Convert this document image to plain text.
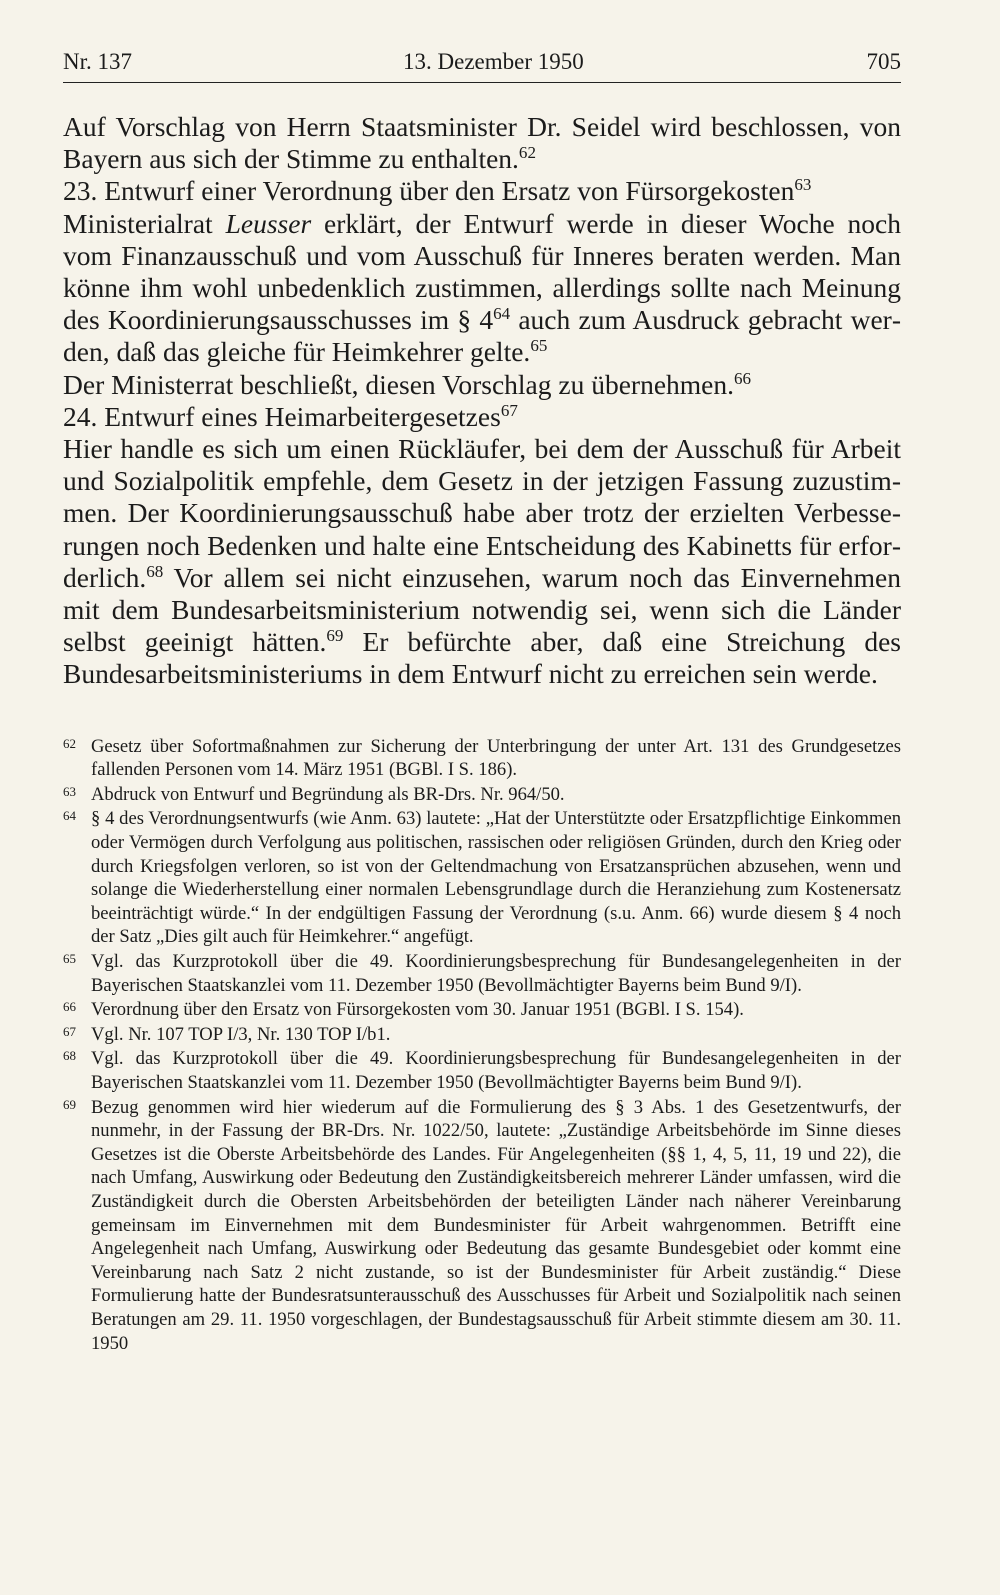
Nr. 137	13. Dezember 1950	705

Auf Vorschlag von Herrn Staatsminister Dr. Seidel wird beschlossen, von Bayern aus sich der Stimme zu enthalten.$^{62}$

23. Entwurf einer Verordnung über den Ersatz von Fürsorgekosten$^{63}$

Ministerialrat Leusser erklärt, der Entwurf werde in dieser Woche noch vom Finanzausschuß und vom Ausschuß für Inneres beraten werden. Man könne ihm wohl unbedenklich zustimmen, allerdings sollte nach Meinung des Koordinierungsausschusses im § $4^{64}$ auch zum Ausdruck gebracht werden, daß das gleiche für Heimkehrer gelte.$^{65}$

Der Ministerrat beschließt, diesen Vorschlag zu übernehmen.$^{66}$

24. Entwurf eines Heimarbeitergesetzes$^{67}$

Hier handle es sich um einen Rückläufer, bei dem der Ausschuß für Arbeit und Sozialpolitik empfehle, dem Gesetz in der jetzigen Fassung zuzustimmen. Der Koordinierungsausschuß habe aber trotz der erzielten Verbesserungen noch Bedenken und halte eine Entscheidung des Kabinetts für erforderlich.$^{68}$ Vor allem sei nicht einzusehen, warum noch das Einvernehmen mit dem Bundesarbeitsministerium notwendig sei, wenn sich die Länder selbst geeinigt hätten.$^{69}$ Er befürchte aber, daß eine Streichung des Bundesarbeitsministeriums in dem Entwurf nicht zu erreichen sein werde.

62 Gesetz über Sofortmaßnahmen zur Sicherung der Unterbringung der unter Art. 131 des Grundgesetzes fallenden Personen vom 14. März 1951 (BGBl. I S. 186).
63 Abdruck von Entwurf und Begründung als BR-Drs. Nr. 964/50.
64 § 4 des Verordnungsentwurfs (wie Anm. 63) lautete: „Hat der Unterstützte oder Ersatzpflichtige Einkommen oder Vermögen durch Verfolgung aus politischen, rassischen oder religiösen Gründen, durch den Krieg oder durch Kriegsfolgen verloren, so ist von der Geltendmachung von Ersatzansprüchen abzusehen, wenn und solange die Wiederherstellung einer normalen Lebensgrundlage durch die Heranziehung zum Kostenersatz beeinträchtigt würde.“ In der endgültigen Fassung der Verordnung (s.u. Anm. 66) wurde diesem § 4 noch der Satz „Dies gilt auch für Heimkehrer.“ angefügt.
65 Vgl. das Kurzprotokoll über die 49. Koordinierungsbesprechung für Bundesangelegenheiten in der Bayerischen Staatskanzlei vom 11. Dezember 1950 (Bevollmächtigter Bayerns beim Bund 9/I).
66 Verordnung über den Ersatz von Fürsorgekosten vom 30. Januar 1951 (BGBl. I S. 154).
67 Vgl. Nr. 107 TOP I/3, Nr. 130 TOP I/b1.
68 Vgl. das Kurzprotokoll über die 49. Koordinierungsbesprechung für Bundesangelegenheiten in der Bayerischen Staatskanzlei vom 11. Dezember 1950 (Bevollmächtigter Bayerns beim Bund 9/I).
69 Bezug genommen wird hier wiederum auf die Formulierung des § 3 Abs. 1 des Gesetzentwurfs, der nunmehr, in der Fassung der BR-Drs. Nr. 1022/50, lautete: „Zuständige Arbeitsbehörde im Sinne dieses Gesetzes ist die Oberste Arbeitsbehörde des Landes. Für Angelegenheiten (§§ 1, 4, 5, 11, 19 und 22), die nach Umfang, Auswirkung oder Bedeutung den Zuständigkeitsbereich mehrerer Länder umfassen, wird die Zuständigkeit durch die Obersten Arbeitsbehörden der beteiligten Länder nach näherer Vereinbarung gemeinsam im Einvernehmen mit dem Bundesminister für Arbeit wahrgenommen. Betrifft eine Angelegenheit nach Umfang, Auswirkung oder Bedeutung das gesamte Bundesgebiet oder kommt eine Vereinbarung nach Satz 2 nicht zustande, so ist der Bundesminister für Arbeit zuständig.“ Diese Formulierung hatte der Bundesratsunterausschuß des Ausschusses für Arbeit und Sozialpolitik nach seinen Beratungen am 29. 11. 1950 vorgeschlagen, der Bundestagsausschuß für Arbeit stimmte diesem am 30. 11. 1950
